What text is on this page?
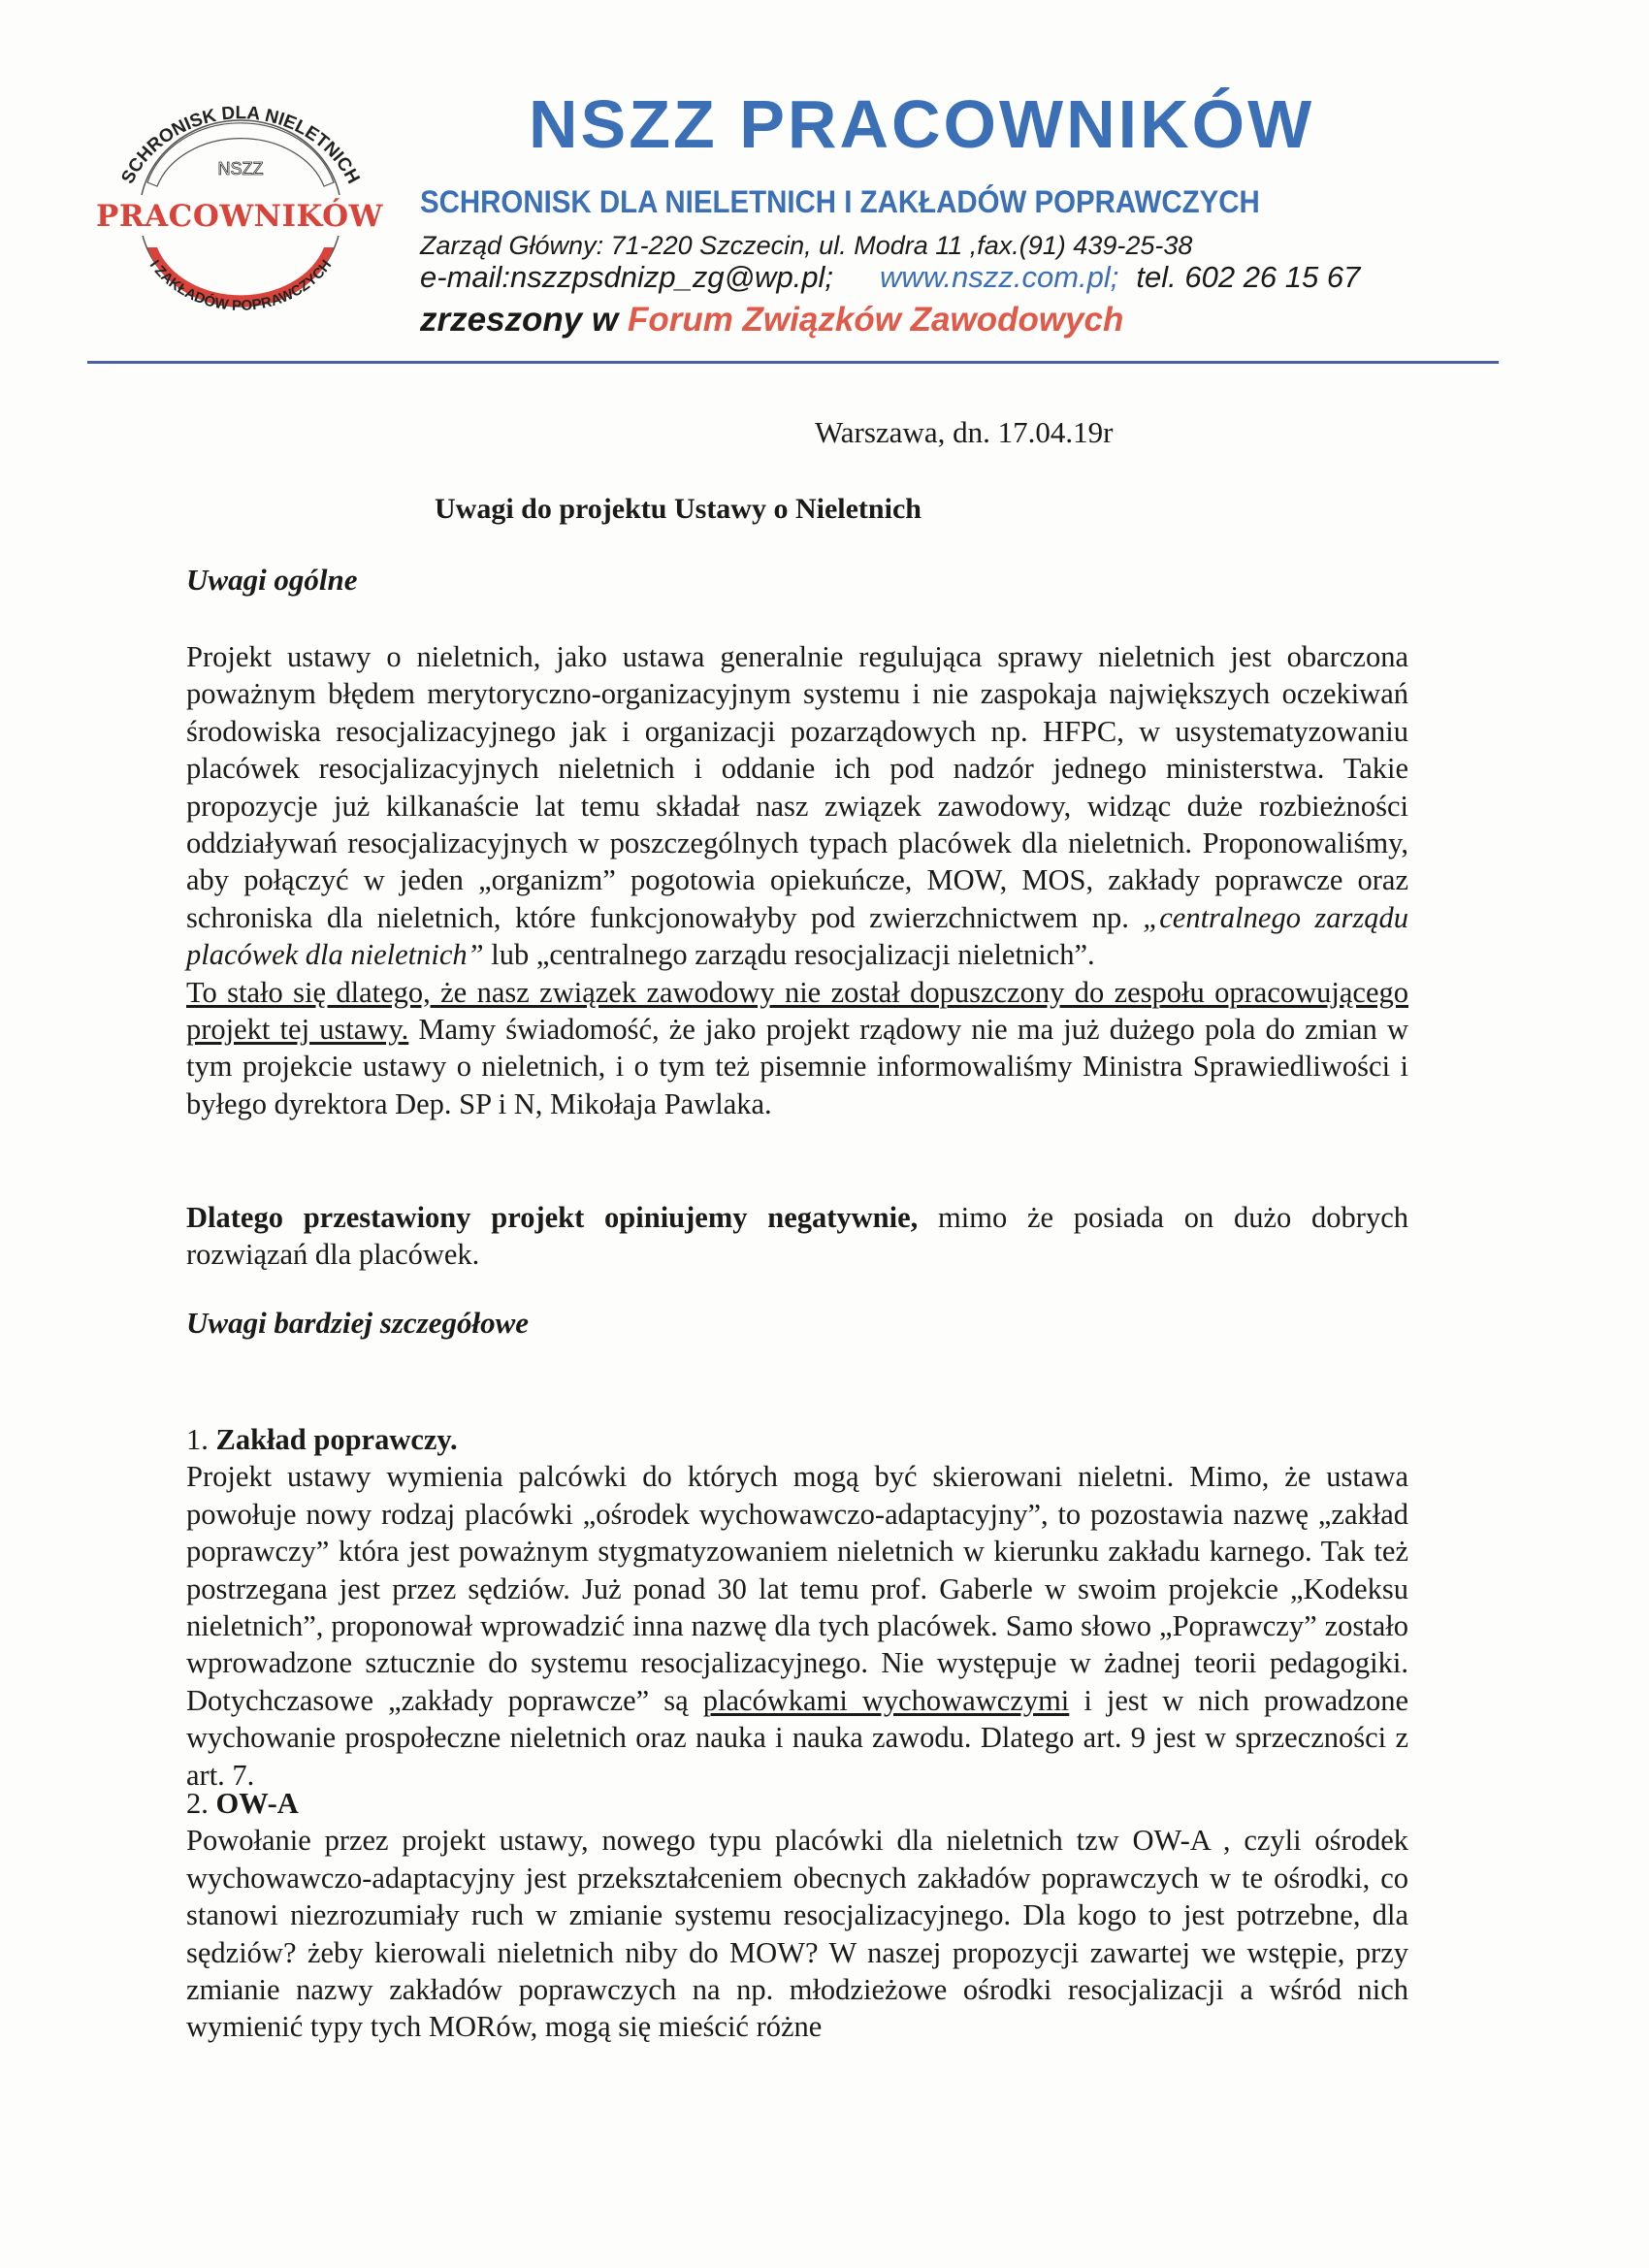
SCHRONISK DLA NIELETNICH
NSZZ
PRACOWNIKÓW
I ZAKŁADÓW POPRAWCZYCH
NSZZ PRACOWNIKÓW
SCHRONISK DLA NIELETNICH I ZAKŁADÓW POPRAWCZYCH
Zarząd Główny: 71-220 Szczecin, ul. Modra 11 ,fax.(91) 439-25-38
e-mail:nszzpsdnizp_zg@wp.pl; www.nszz.com.pl; tel. 602 26 15 67
zrzeszony w Forum Związków Zawodowych
Warszawa, dn. 17.04.19r
Uwagi do projektu Ustawy o Nieletnich
Uwagi ogólne

Projekt ustawy o nieletnich, jako ustawa generalnie regulująca sprawy nieletnich jest obarczona poważnym błędem merytoryczno-organizacyjnym systemu i nie zaspokaja największych oczekiwań środowiska resocjalizacyjnego jak i organizacji pozarządowych np. HFPC, w usystematyzowaniu placówek resocjalizacyjnych nieletnich i oddanie ich pod nadzór jednego ministerstwa. Takie propozycje już kilkanaście lat temu składał nasz związek zawodowy, widząc duże rozbieżności oddziaływań resocjalizacyjnych w poszczególnych typach placówek dla nieletnich. Proponowaliśmy, aby połączyć w jeden „organizm” pogotowia opiekuńcze, MOW, MOS, zakłady poprawcze oraz schroniska dla nieletnich, które funkcjonowałyby pod zwierzchnictwem np. „centralnego zarządu placówek dla nieletnich” lub „centralnego zarządu resocjalizacji nieletnich”.
To stało się dlatego, że nasz związek zawodowy nie został dopuszczony do zespołu opracowującego projekt tej ustawy. Mamy świadomość, że jako projekt rządowy nie ma już dużego pola do zmian w tym projekcie ustawy o nieletnich, i o tym też pisemnie informowaliśmy Ministra Sprawiedliwości i byłego dyrektora Dep. SP i N, Mikołaja Pawlaka.

Dlatego przestawiony projekt opiniujemy negatywnie, mimo że posiada on dużo dobrych rozwiązań dla placówek.

Uwagi bardziej szczegółowe

1. Zakład poprawczy.
Projekt ustawy wymienia palcówki do których mogą być skierowani nieletni. Mimo, że ustawa powołuje nowy rodzaj placówki „ośrodek wychowawczo-adaptacyjny”, to pozostawia nazwę „zakład poprawczy” która jest poważnym stygmatyzowaniem nieletnich w kierunku zakładu karnego. Tak też postrzegana jest przez sędziów. Już ponad 30 lat temu prof. Gaberle w swoim projekcie „Kodeksu nieletnich”, proponował wprowadzić inna nazwę dla tych placówek. Samo słowo „Poprawczy” zostało wprowadzone sztucznie do systemu resocjalizacyjnego. Nie występuje w żadnej teorii pedagogiki. Dotychczasowe „zakłady poprawcze” są placówkami wychowawczymi i jest w nich prowadzone wychowanie prospołeczne nieletnich oraz nauka i nauka zawodu. Dlatego art. 9 jest w sprzeczności z art. 7.

2. OW-A
Powołanie przez projekt ustawy, nowego typu placówki dla nieletnich tzw OW-A , czyli ośrodek wychowawczo-adaptacyjny jest przekształceniem obecnych zakładów poprawczych w te ośrodki, co stanowi niezrozumiały ruch w zmianie systemu resocjalizacyjnego. Dla kogo to jest potrzebne, dla sędziów? żeby kierowali nieletnich niby do MOW? W naszej propozycji zawartej we wstępie, przy zmianie nazwy zakładów poprawczych na np. młodzieżowe ośrodki resocjalizacji a wśród nich wymienić typy tych MORów, mogą się mieścić różne
